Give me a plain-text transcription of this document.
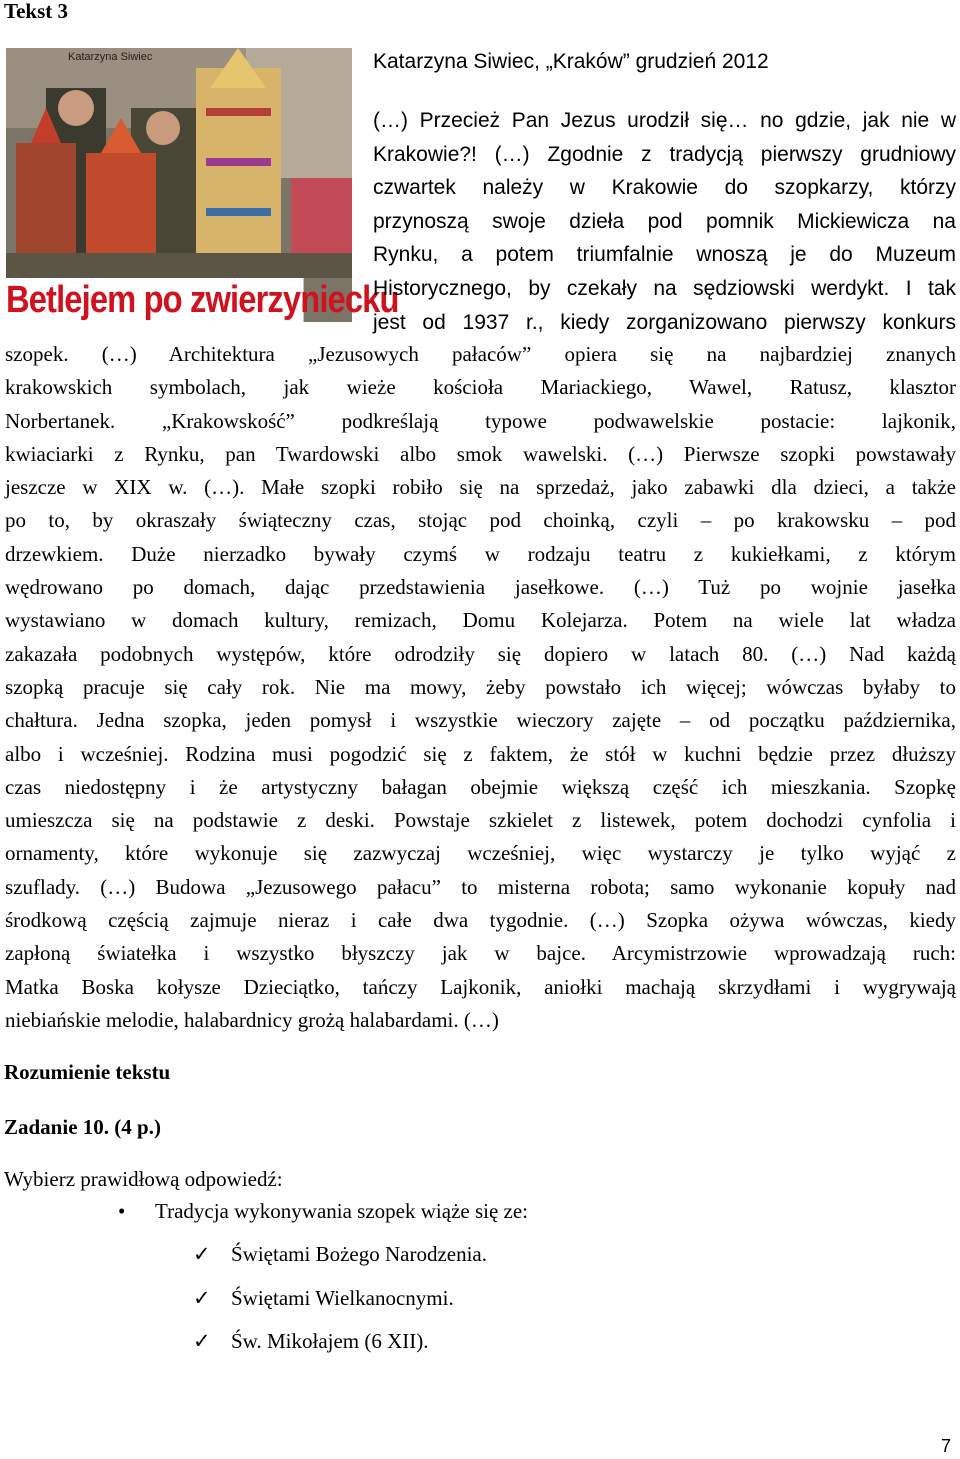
Tekst 3
Katarzyna Siwiec
Betlejem po zwierzyniecku
Katarzyna Siwiec, „Kraków” grudzień 2012
(…) Przecież Pan Jezus urodził się… no gdzie, jak nie w
Krakowie?! (…) Zgodnie z tradycją pierwszy grudniowy
czwartek należy w Krakowie do szopkarzy, którzy
przynoszą swoje dzieła pod pomnik Mickiewicza na
Rynku, a potem triumfalnie wnoszą je do Muzeum
Historycznego, by czekały na sędziowski werdykt. I tak
jest od 1937 r., kiedy zorganizowano pierwszy konkurs
szopek. (…) Architektura „Jezusowych pałaców” opiera się na najbardziej znanych
krakowskich symbolach, jak wieże kościoła Mariackiego, Wawel, Ratusz, klasztor
Norbertanek. „Krakowskość” podkreślają typowe podwawelskie postacie: lajkonik,
kwiaciarki z Rynku, pan Twardowski albo smok wawelski. (…) Pierwsze szopki powstawały
jeszcze w XIX w. (…). Małe szopki robiło się na sprzedaż, jako zabawki dla dzieci, a także
po to, by okraszały świąteczny czas, stojąc pod choinką, czyli – po krakowsku – pod
drzewkiem. Duże nierzadko bywały czymś w rodzaju teatru z kukiełkami, z którym
wędrowano po domach, dając przedstawienia jasełkowe. (…) Tuż po wojnie jasełka
wystawiano w domach kultury, remizach, Domu Kolejarza. Potem na wiele lat władza
zakazała podobnych występów, które odrodziły się dopiero w latach 80. (…) Nad każdą
szopką pracuje się cały rok. Nie ma mowy, żeby powstało ich więcej; wówczas byłaby to
chałtura. Jedna szopka, jeden pomysł i wszystkie wieczory zajęte – od początku października,
albo i wcześniej. Rodzina musi pogodzić się z faktem, że stół w kuchni będzie przez dłuższy
czas niedostępny i że artystyczny bałagan obejmie większą część ich mieszkania. Szopkę
umieszcza się na podstawie z deski. Powstaje szkielet z listewek, potem dochodzi cynfolia i
ornamenty, które wykonuje się zazwyczaj wcześniej, więc wystarczy je tylko wyjąć z
szuflady. (…) Budowa „Jezusowego pałacu” to misterna robota; samo wykonanie kopuły nad
środkową częścią zajmuje nieraz i całe dwa tygodnie. (…) Szopka ożywa wówczas, kiedy
zapłoną światełka i wszystko błyszczy jak w bajce. Arcymistrzowie wprowadzają ruch:
Matka Boska kołysze Dzieciątko, tańczy Lajkonik, aniołki machają skrzydłami i wygrywają
niebiańskie melodie, halabardnicy grożą halabardami. (…)
Rozumienie tekstu
Zadanie 10. (4 p.)
Wybierz prawidłową odpowiedź:
• Tradycja wykonywania szopek wiąże się ze:
✓ Świętami Bożego Narodzenia.
✓ Świętami Wielkanocnymi.
✓ Św. Mikołajem (6 XII).
7
